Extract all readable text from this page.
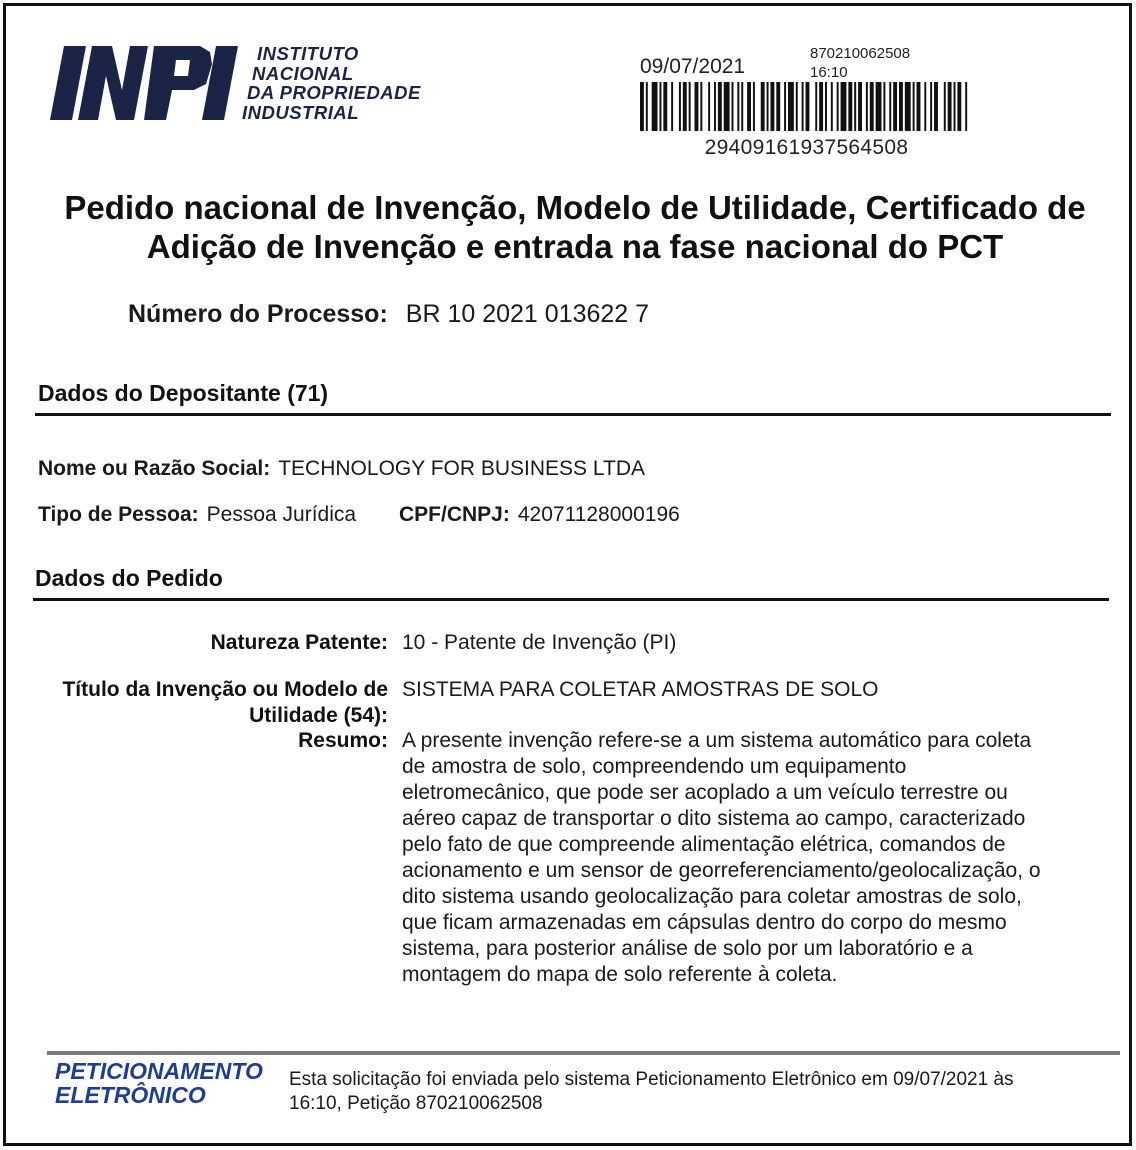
INSTITUTO
NACIONAL
DA PROPRIEDADE
INDUSTRIAL
09/07/2021
870210062508
16:10
29409161937564508
Pedido nacional de Invenção, Modelo de Utilidade, Certificado de
Adição de Invenção e entrada na fase nacional do PCT
Número do Processo: BR 10 2021 013622 7
Dados do Depositante (71)
Nome ou Razão Social: TECHNOLOGY FOR BUSINESS LTDA
Tipo de Pessoa: Pessoa Jurídica CPF/CNPJ: 42071128000196
Dados do Pedido
Natureza Patente: 10 - Patente de Invenção (PI)
Título da Invenção ou Modelo de
Utilidade (54):
SISTEMA PARA COLETAR AMOSTRAS DE SOLO
Resumo: A presente invenção refere-se a um sistema automático para coleta
de amostra de solo, compreendendo um equipamento
eletromecânico, que pode ser acoplado a um veículo terrestre ou
aéreo capaz de transportar o dito sistema ao campo, caracterizado
pelo fato de que compreende alimentação elétrica, comandos de
acionamento e um sensor de georreferenciamento/geolocalização, o
dito sistema usando geolocalização para coletar amostras de solo,
que ficam armazenadas em cápsulas dentro do corpo do mesmo
sistema, para posterior análise de solo por um laboratório e a
montagem do mapa de solo referente à coleta.
PETICIONAMENTO
ELETRÔNICO
Esta solicitação foi enviada pelo sistema Peticionamento Eletrônico em 09/07/2021 às
16:10, Petição 870210062508
